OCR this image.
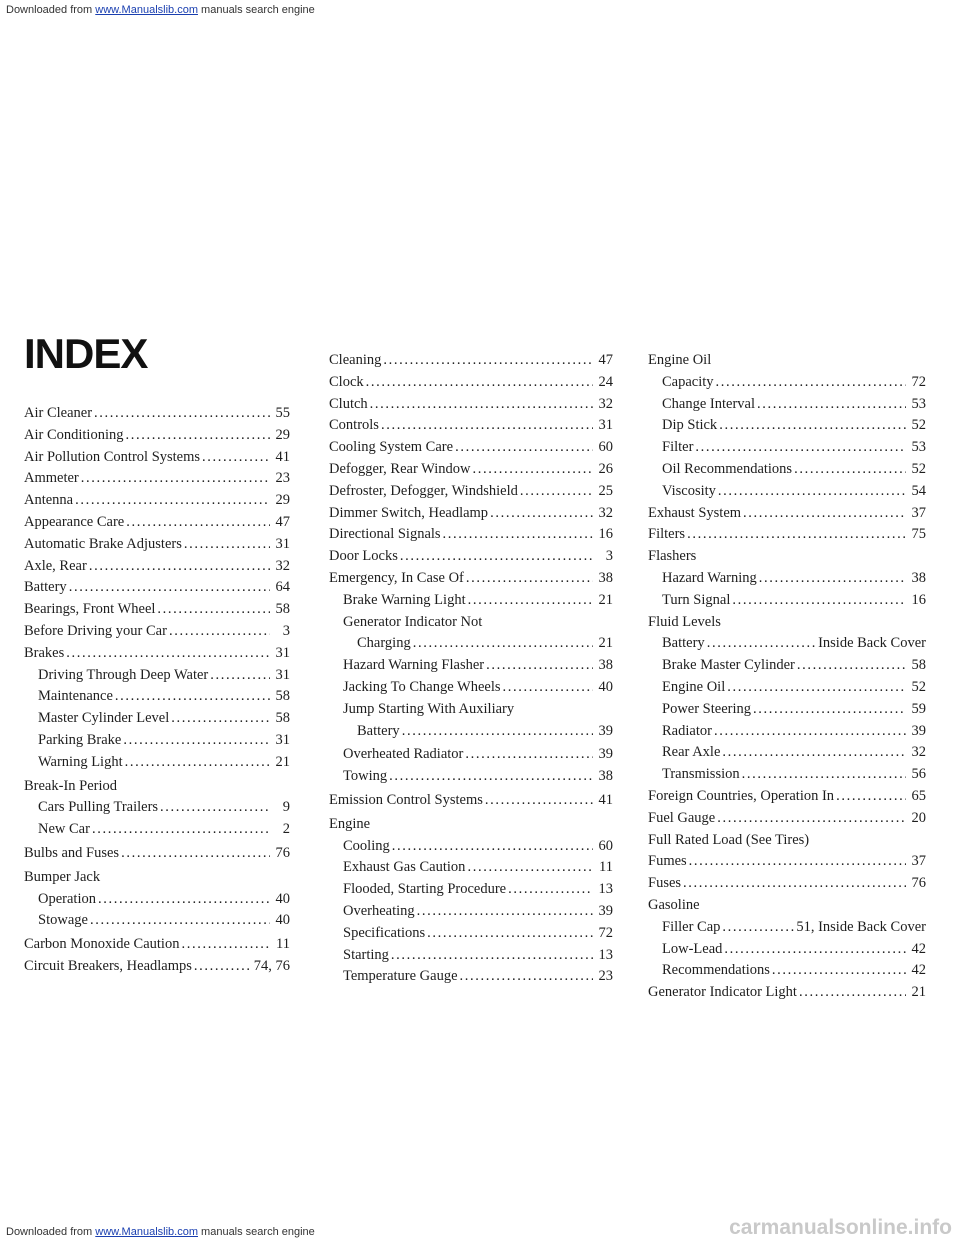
Downloaded from www.Manualslib.com manuals search engine
INDEX
Air Cleaner . . .	55
Air Conditioning . . .	29
Air Pollution Control Systems . . .	41
Ammeter . . .	23
Antenna . . .	29
Appearance Care . . .	47
Automatic Brake Adjusters . . .	31
Axle, Rear . . .	32
Battery . . .	64
Bearings, Front Wheel . . .	58
Before Driving your Car . . .	3
Brakes . . .	31
Driving Through Deep Water . . .	31
Maintenance . . .	58
Master Cylinder Level . . .	58
Parking Brake . . .	31
Warning Light . . .	21
Break-In Period
Cars Pulling Trailers . . .	9
New Car . . .	2
Bulbs and Fuses . . .	76
Bumper Jack
Operation . . .	40
Stowage . . .	40
Carbon Monoxide Caution . . .	11
Circuit Breakers, Headlamps . . .	74, 76
Cleaning . . .	47
Clock . . .	24
Clutch . . .	32
Controls . . .	31
Cooling System Care . . .	60
Defogger, Rear Window . . .	26
Defroster, Defogger, Windshield . . .	25
Dimmer Switch, Headlamp . . .	32
Directional Signals . . .	16
Door Locks . . .	3
Emergency, In Case Of . . .	38
Brake Warning Light . . .	21
Generator Indicator Not
Charging . . .	21
Hazard Warning Flasher . . .	38
Jacking To Change Wheels . . .	40
Jump Starting With Auxiliary
Battery . . .	39
Overheated Radiator . . .	39
Towing . . .	38
Emission Control Systems . . .	41
Engine
Cooling . . .	60
Exhaust Gas Caution . . .	11
Flooded, Starting Procedure . . .	13
Overheating . . .	39
Specifications . . .	72
Starting . . .	13
Temperature Gauge . . .	23
Engine Oil
Capacity . . .	72
Change Interval . . .	53
Dip Stick . . .	52
Filter . . .	53
Oil Recommendations . . .	52
Viscosity . . .	54
Exhaust System . . .	37
Filters . . .	75
Flashers
Hazard Warning . . .	38
Turn Signal . . .	16
Fluid Levels
Battery . . .	Inside Back Cover
Brake Master Cylinder . . .	58
Engine Oil . . .	52
Power Steering . . .	59
Radiator . . .	39
Rear Axle . . .	32
Transmission . . .	56
Foreign Countries, Operation In . . .	65
Fuel Gauge . . .	20
Full Rated Load (See Tires)
Fumes . . .	37
Fuses . . .	76
Gasoline
Filler Cap . . .	51, Inside Back Cover
Low-Lead . . .	42
Recommendations . . .	42
Generator Indicator Light . . .	21
Downloaded from www.Manualslib.com manuals search engine	carmanualsonline.info
